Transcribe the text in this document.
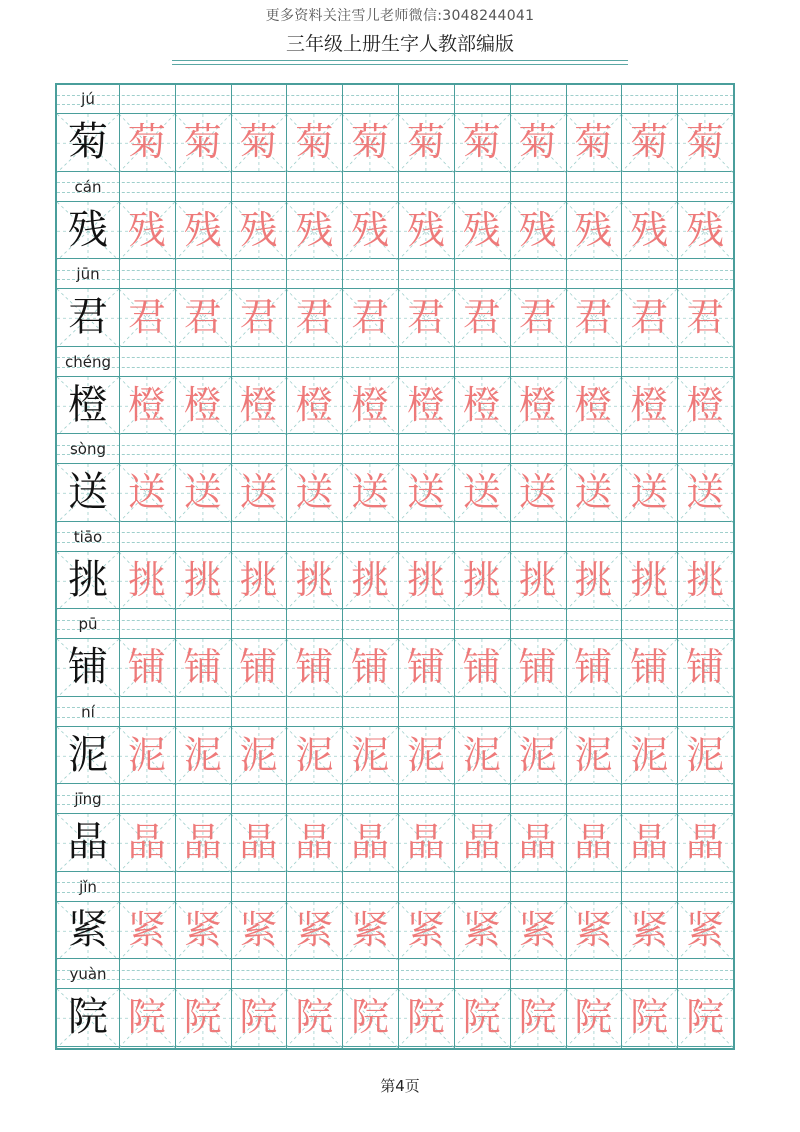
更多资料关注雪儿老师微信:3048244041
三年级上册生字人教部编版
jú
菊 菊 菊 菊 菊 菊 菊 菊 菊 菊 菊 菊
cán
残 残 残 残 残 残 残 残 残 残 残 残
jūn
君 君 君 君 君 君 君 君 君 君 君 君
chéng
橙 橙 橙 橙 橙 橙 橙 橙 橙 橙 橙 橙
sòng
送 送 送 送 送 送 送 送 送 送 送 送
tiāo
挑 挑 挑 挑 挑 挑 挑 挑 挑 挑 挑 挑
pū
铺 铺 铺 铺 铺 铺 铺 铺 铺 铺 铺 铺
ní
泥 泥 泥 泥 泥 泥 泥 泥 泥 泥 泥 泥
jīng
晶 晶 晶 晶 晶 晶 晶 晶 晶 晶 晶 晶
jǐn
紧 紧 紧 紧 紧 紧 紧 紧 紧 紧 紧 紧
yuàn
院 院 院 院 院 院 院 院 院 院 院 院
第4页
